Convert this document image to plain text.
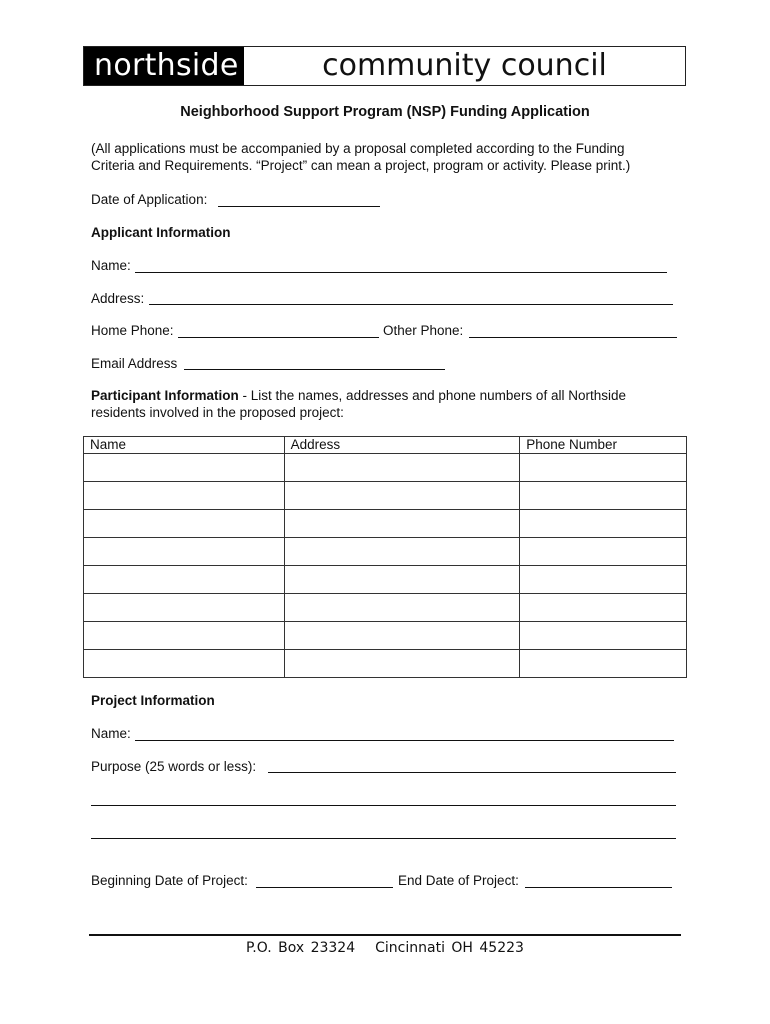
northside	community council
Neighborhood Support Program (NSP) Funding Application
(All applications must be accompanied by a proposal completed according to the Funding
Criteria and Requirements. “Project” can mean a project, program or activity. Please print.)
Date of Application:
Applicant Information
Name:
Address:
Home Phone:	Other Phone:
Email Address
Participant Information - List the names, addresses and phone numbers of all Northside
residents involved in the proposed project:
Name	Address	Phone Number

Project Information
Name:
Purpose (25 words or less):
Beginning Date of Project:	End Date of Project:
P.O. Box 23324 Cincinnati OH 45223
